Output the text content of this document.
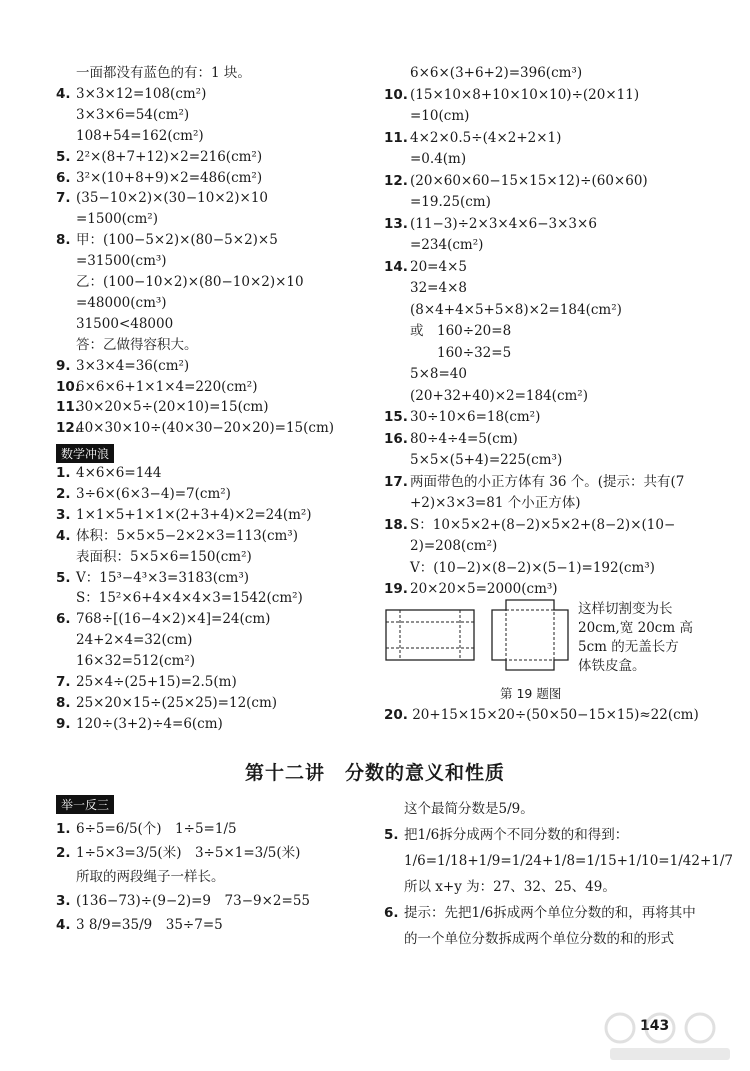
一面都没有蓝色的有：1 块。
4. 3×3×12=108(cm²)
3×3×6=54(cm²)
108+54=162(cm²)
5. 2²×(8+7+12)×2=216(cm²)
6. 3²×(10+8+9)×2=486(cm²)
7. (35−10×2)×(30−10×2)×10
=1500(cm²)
8. 甲：(100−5×2)×(80−5×2)×5
=31500(cm³)
乙：(100−10×2)×(80−10×2)×10
=48000(cm³)
31500<48000
答：乙做得容积大。
9. 3×3×4=36(cm²)
10.6×6×6+1×1×4=220(cm²)
11.30×20×5÷(20×10)=15(cm)
12.40×30×10÷(40×30−20×20)=15(cm)
数学冲浪
1. 4×6×6=144
2. 3÷6×(6×3−4)=7(cm²)
3. 1×1×5+1×1×(2+3+4)×2=24(m²)
4. 体积：5×5×5−2×2×3=113(cm³)
表面积：5×5×6=150(cm²)
5. V：15³−4³×3=3183(cm³)
S：15²×6+4×4×4×3=1542(cm²)
6. 768÷[(16−4×2)×4]=24(cm)
24+2×4=32(cm)
16×32=512(cm²)
7. 25×4÷(25+15)=2.5(m)
8. 25×20×15÷(25×25)=12(cm)
9. 120÷(3+2)÷4=6(cm)
6×6×(3+6+2)=396(cm³)
10. (15×10×8+10×10×10)÷(20×11)
=10(cm)
11. 4×2×0.5÷(4×2+2×1)
=0.4(m)
12. (20×60×60−15×15×12)÷(60×60)
=19.25(cm)
13. (11−3)÷2×3×4×6−3×3×6
=234(cm²)
14. 20=4×5
32=4×8
(8×4+4×5+5×8)×2=184(cm²)
或　160÷20=8
　　160÷32=5
5×8=40
(20+32+40)×2=184(cm²)
15. 30÷10×6=18(cm²)
16. 80÷4÷4=5(cm)
5×5×(5+4)=225(cm³)
17. 两面带色的小正方体有 36 个。(提示：共有(7
+2)×3×3=81 个小正方体)
18. S：10×5×2+(8−2)×5×2+(8−2)×(10−
2)=208(cm²)
V：(10−2)×(8−2)×(5−1)=192(cm³)
19. 20×20×5=2000(cm³)
这样切割变为长
20cm,宽 20cm 高
5cm 的无盖长方
体铁皮盒。
第 19 题图
20. 20+15×15×20÷(50×50−15×15)≈22(cm)
第十二讲　分数的意义和性质
举一反三
1. 6÷5=6/5(个)　1÷5=1/5
2. 1÷5×3=3/5(米)　3÷5×1=3/5(米)
所取的两段绳子一样长。
3. (136−73)÷(9−2)=9　73−9×2=55
4. 3 8/9=35/9　35÷7=5
这个最简分数是5/9。
5. 把1/6拆分成两个不同分数的和得到：
1/6=1/18+1/9=1/24+1/8=1/15+1/10=1/42+1/7
所以 x+y 为：27、32、25、49。
6. 提示：先把1/6拆成两个单位分数的和，再将其中
的一个单位分数拆成两个单位分数的和的形式
143
